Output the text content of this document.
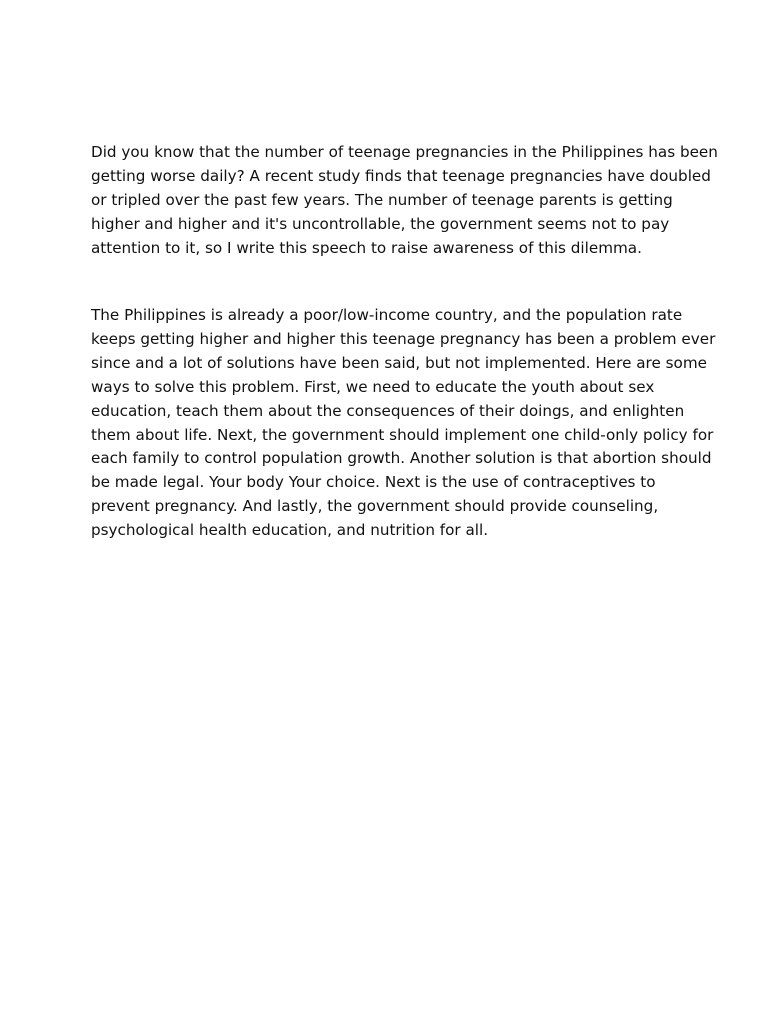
Did you know that the number of teenage pregnancies in the Philippines has been
getting worse daily? A recent study finds that teenage pregnancies have doubled
or tripled over the past few years. The number of teenage parents is getting
higher and higher and it's uncontrollable, the government seems not to pay
attention to it, so I write this speech to raise awareness of this dilemma.

The Philippines is already a poor/low-income country, and the population rate
keeps getting higher and higher this teenage pregnancy has been a problem ever
since and a lot of solutions have been said, but not implemented. Here are some
ways to solve this problem. First, we need to educate the youth about sex
education, teach them about the consequences of their doings, and enlighten
them about life. Next, the government should implement one child-only policy for
each family to control population growth. Another solution is that abortion should
be made legal. Your body Your choice. Next is the use of contraceptives to
prevent pregnancy. And lastly, the government should provide counseling,
psychological health education, and nutrition for all.
